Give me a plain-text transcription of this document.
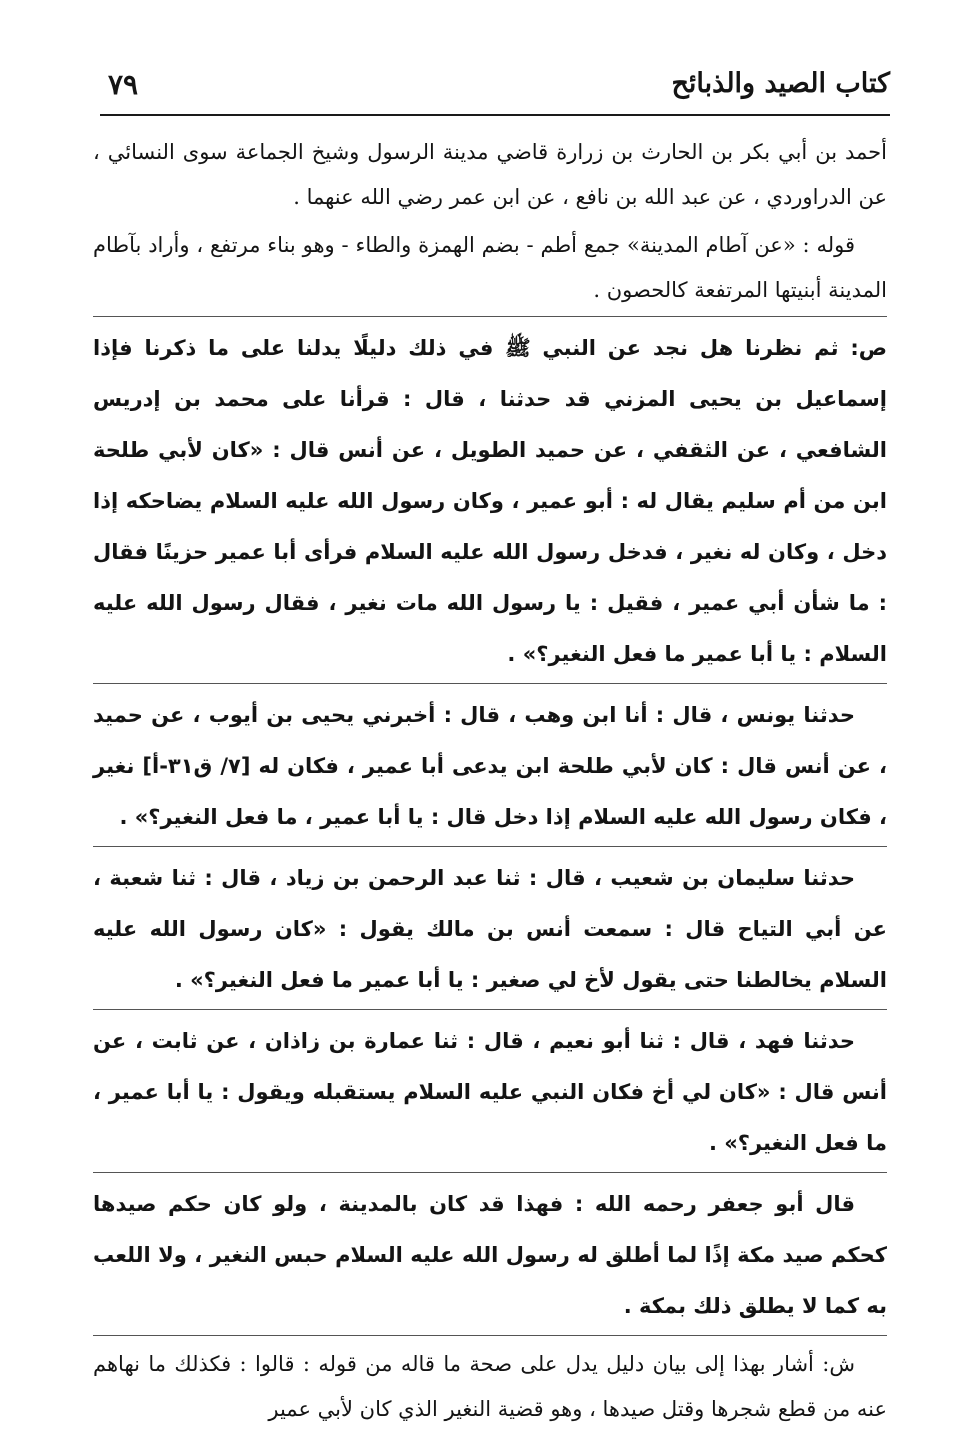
كتاب الصيد والذبائح
٧٩

أحمد بن أبي بكر بن الحارث بن زرارة قاضي مدينة الرسول وشيخ الجماعة سوى النسائي ، عن الدراوردي ، عن عبد الله بن نافع ، عن ابن عمر رضي الله عنهما .

قوله : «عن آطام المدينة» جمع أطم - بضم الهمزة والطاء - وهو بناء مرتفع ، وأراد بآطام المدينة أبنيتها المرتفعة كالحصون .

ص: ثم نظرنا هل نجد عن النبي ﷺ في ذلك دليلًا يدلنا على ما ذكرنا فإذا إسماعيل بن يحيى المزني قد حدثنا ، قال : قرأنا على محمد بن إدريس الشافعي ، عن الثقفي ، عن حميد الطويل ، عن أنس قال : «كان لأبي طلحة ابن من أم سليم يقال له : أبو عمير ، وكان رسول الله عليه السلام يضاحكه إذا دخل ، وكان له نغير ، فدخل رسول الله عليه السلام فرأى أبا عمير حزينًا فقال : ما شأن أبي عمير ، فقيل : يا رسول الله مات نغير ، فقال رسول الله عليه السلام : يا أبا عمير ما فعل النغير؟» .

حدثنا يونس ، قال : أنا ابن وهب ، قال : أخبرني يحيى بن أيوب ، عن حميد ، عن أنس قال : كان لأبي طلحة ابن يدعى أبا عمير ، فكان له [٧/ ق٣١-أ] نغير ، فكان رسول الله عليه السلام إذا دخل قال : يا أبا عمير ، ما فعل النغير؟» .

حدثنا سليمان بن شعيب ، قال : ثنا عبد الرحمن بن زياد ، قال : ثنا شعبة ، عن أبي التياح قال : سمعت أنس بن مالك يقول : «كان رسول الله عليه السلام يخالطنا حتى يقول لأخ لي صغير : يا أبا عمير ما فعل النغير؟» .

حدثنا فهد ، قال : ثنا أبو نعيم ، قال : ثنا عمارة بن زاذان ، عن ثابت ، عن أنس قال : «كان لي أخ فكان النبي عليه السلام يستقبله ويقول : يا أبا عمير ، ما فعل النغير؟» .

قال أبو جعفر رحمه الله : فهذا قد كان بالمدينة ، ولو كان حكم صيدها كحكم صيد مكة إذًا لما أطلق له رسول الله عليه السلام حبس النغير ، ولا اللعب به كما لا يطلق ذلك بمكة .

ش: أشار بهذا إلى بيان دليل يدل على صحة ما قاله من قوله : قالوا : فكذلك ما نهاهم عنه من قطع شجرها وقتل صيدها ، وهو قضية النغير الذي كان لأبي عمير
